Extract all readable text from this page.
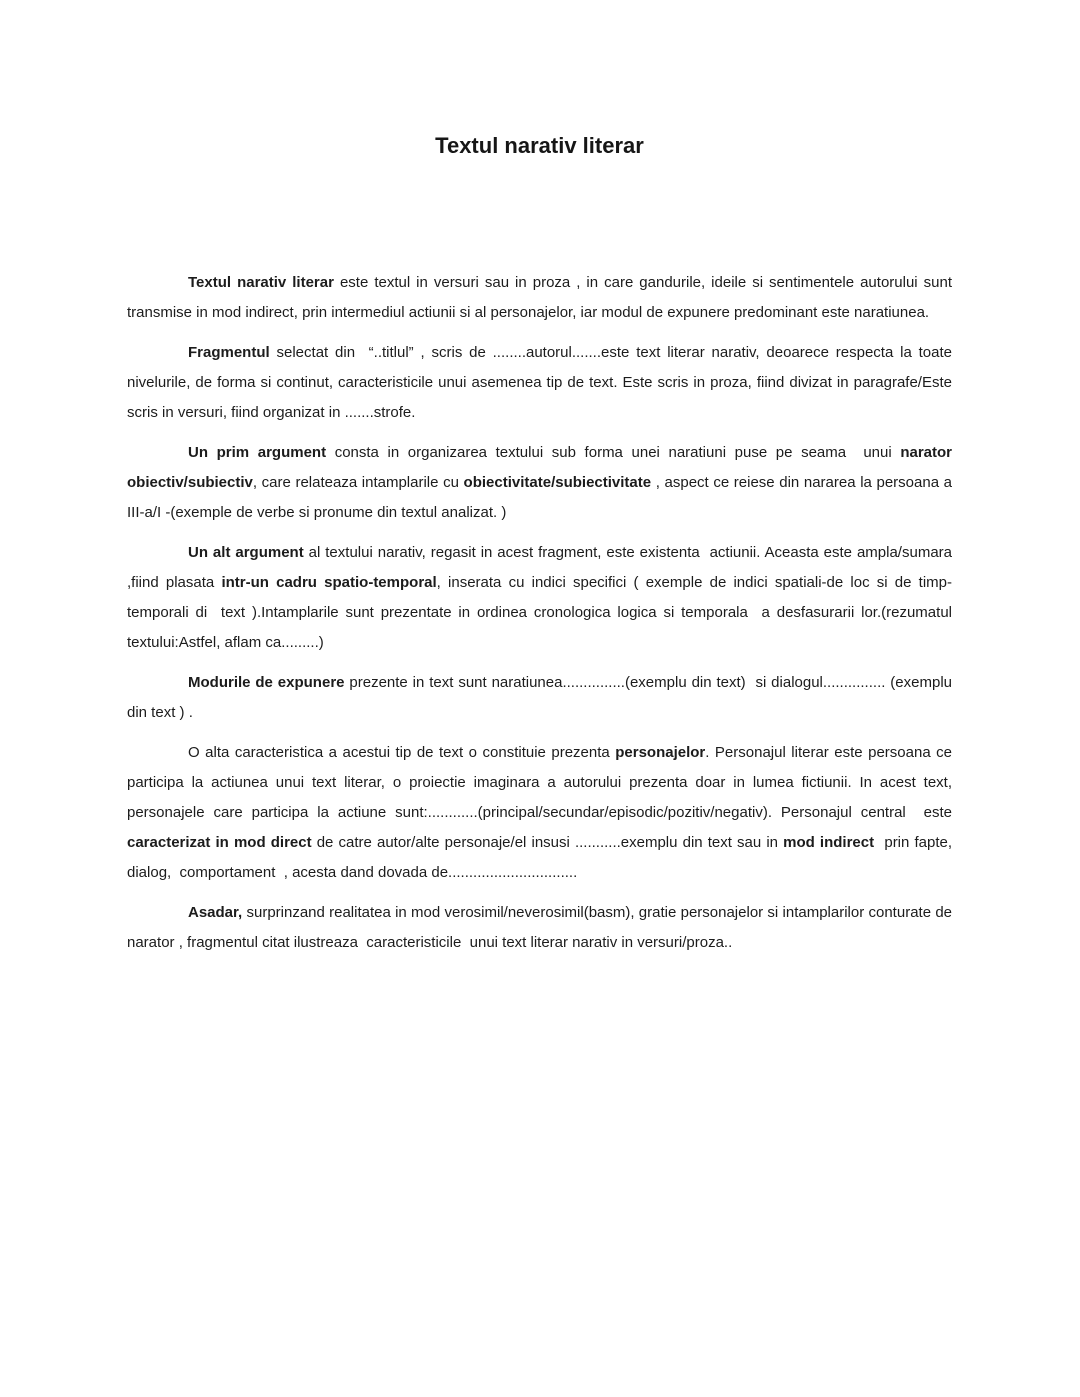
Textul narativ literar

Textul narativ literar este textul in versuri sau in proza , in care gandurile, ideile si sentimentele autorului sunt transmise in mod indirect, prin intermediul actiunii si al personajelor, iar modul de expunere predominant este naratiunea.

Fragmentul selectat din  “..titlul” , scris de ........autorul.......este text literar narativ, deoarece respecta la toate nivelurile, de forma si continut, caracteristicile unui asemenea tip de text. Este scris in proza, fiind divizat in paragrafe/Este scris in versuri, fiind organizat in .......strofe.

Un prim argument consta in organizarea textului sub forma unei naratiuni puse pe seama  unui narator obiectiv/subiectiv, care relateaza intamplarile cu obiectivitate/subiectivitate , aspect ce reiese din nararea la persoana a III-a/I -(exemple de verbe si pronume din textul analizat. )

Un alt argument al textului narativ, regasit in acest fragment, este existenta  actiunii. Aceasta este ampla/sumara ,fiind plasata intr-un cadru spatio-temporal, inserata cu indici specifici ( exemple de indici spatiali-de loc si de timp-temporali di  text ).Intamplarile sunt prezentate in ordinea cronologica logica si temporala  a desfasurarii lor.(rezumatul textului:Astfel, aflam ca.........)

Modurile de expunere prezente in text sunt naratiunea...............(exemplu din text)  si dialogul............... (exemplu din text ) .

O alta caracteristica a acestui tip de text o constituie prezenta personajelor. Personajul literar este persoana ce participa la actiunea unui text literar, o proiectie imaginara a autorului prezenta doar in lumea fictiunii. In acest text, personajele care participa la actiune sunt:............(principal/secundar/episodic/pozitiv/negativ). Personajul central  este caracterizat in mod direct de catre autor/alte personaje/el insusi ...........exemplu din text sau in mod indirect  prin fapte, dialog,  comportament  , acesta dand dovada de...............................

Asadar, surprinzand realitatea in mod verosimil/neverosimil(basm), gratie personajelor si intamplarilor conturate de narator , fragmentul citat ilustreaza  caracteristicile  unui text literar narativ in versuri/proza..
